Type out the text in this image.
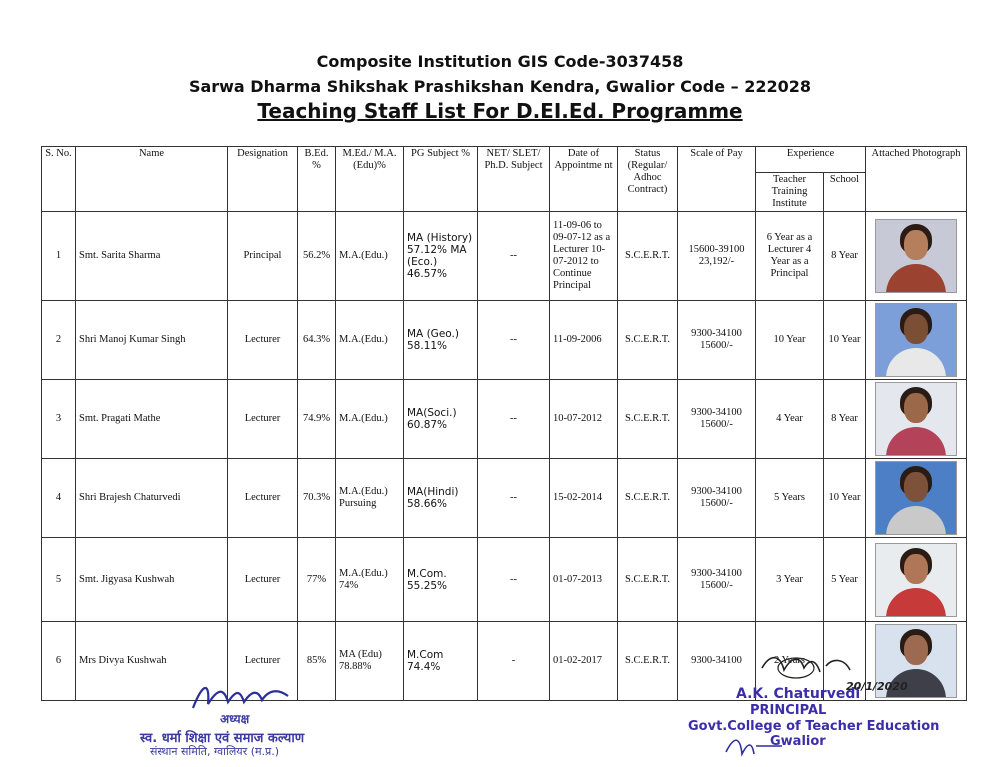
Composite Institution GIS Code-3037458
Sarwa Dharma Shikshak Prashikshan Kendra, Gwalior Code – 222028
Teaching Staff List For D.EI.Ed. Programme
S. No.	Name	Designation	B.Ed. %	M.Ed./ M.A.(Edu)%	PG Subject %	NET/ SLET/ Ph.D. Subject	Date of Appointme nt	Status (Regular/ Adhoc Contract)	Scale of Pay	Experience		Attached Photograph
										Teacher Training Institute	School	
1	Smt. Sarita Sharma	Principal	56.2%	M.A.(Edu.)	MA (History) 57.12% MA (Eco.) 46.57%	--	11-09-06 to 09-07-12 as a Lecturer 10-07-2012 to Continue Principal	S.C.E.R.T.	15600-39100 23,192/-	6 Year as a Lecturer 4 Year as a Principal	8 Year	

2	Shri Manoj Kumar Singh	Lecturer	64.3%	M.A.(Edu.)	MA (Geo.) 58.11%	--	11-09-2006	S.C.E.R.T.	9300-34100 15600/-	10 Year	10 Year	

3	Smt. Pragati Mathe	Lecturer	74.9%	M.A.(Edu.)	MA(Soci.) 60.87%	--	10-07-2012	S.C.E.R.T.	9300-34100 15600/-	4 Year	8 Year	

4	Shri Brajesh Chaturvedi	Lecturer	70.3%	M.A.(Edu.) Pursuing	MA(Hindi) 58.66%	--	15-02-2014	S.C.E.R.T.	9300-34100 15600/-	5 Years	10 Year	

5	Smt. Jigyasa Kushwah	Lecturer	77%	M.A.(Edu.) 74%	M.Com. 55.25%	--	01-07-2013	S.C.E.R.T.	9300-34100 15600/-	3 Year	5 Year	

6	Mrs Divya Kushwah	Lecturer	85%	MA (Edu) 78.88%	M.Com 74.4%	-	01-02-2017	S.C.E.R.T.	9300-34100	2 Years		
अध्यक्ष
स्व. धर्मा शिक्षा एवं समाज कल्याण
संस्थान समिति, ग्वालियर (म.प्र.)
A.K. Chaturvedi
20/1/2020
PRINCIPAL
Govt.College of Teacher Education
Gwalior
